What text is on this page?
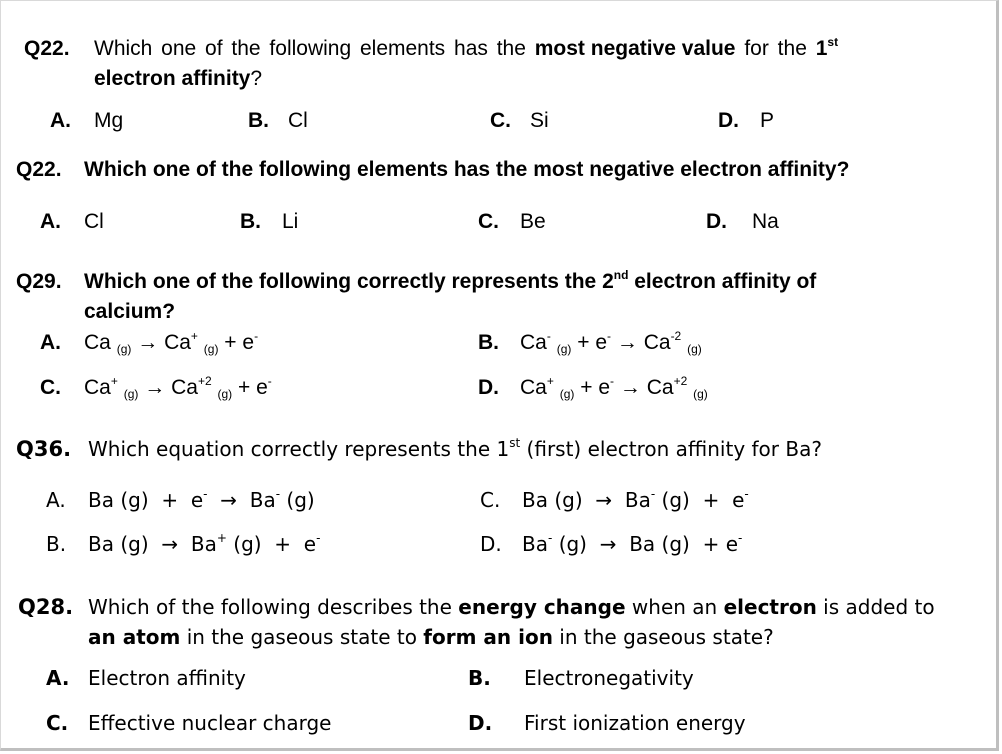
Q22. Which one of the following elements has the most negative value for the 1st
electron affinity?
A. Mg	B. Cl	C. Si	D. P
Q22. Which one of the following elements has the most negative electron affinity?
A. Cl	B. Li	C. Be	D. Na
Q29. Which one of the following correctly represents the 2nd electron affinity of
calcium?
A. Ca $_{(g)}$ → Ca+ $_{(g)}$ + e-	B. Ca- $_{(g)} + e^- \to Ca^{-2}$ $_{(g)}$
C. Ca+ $_{(g)} \to Ca^{+2}$ $_{(g)}$ + e-	D. Ca+ $_{(g)} + e^- \to Ca^{+2}$ $_{(g)}$
Q36. Which equation correctly represents the 1st (first) electron affinity for Ba?
A. Ba (g) + e- → Ba- (g)	C. Ba (g) → Ba- (g) + e-
B. Ba (g) → Ba+ (g) + e-	D. Ba- (g) → Ba (g) + e-
Q28. Which of the following describes the energy change when an electron is added to
an atom in the gaseous state to form an ion in the gaseous state?
A. Electron affinity	B. Electronegativity
C. Effective nuclear charge	D. First ionization energy
